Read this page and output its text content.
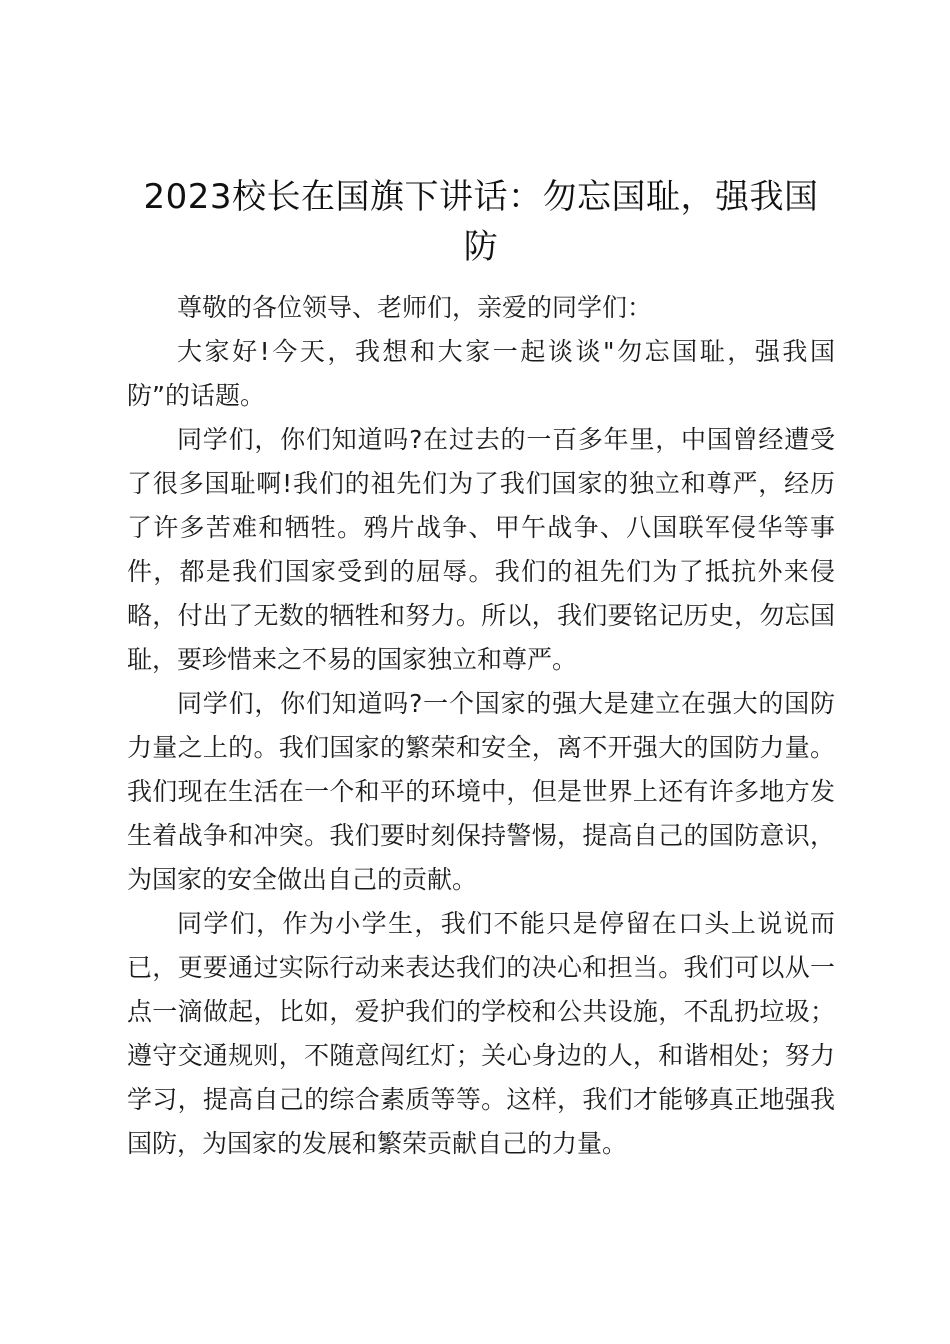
2023校长在国旗下讲话：勿忘国耻，强我国防

尊敬的各位领导、老师们，亲爱的同学们：

大家好!今天，我想和大家一起谈谈"勿忘国耻，强我国防”的话题。

同学们，你们知道吗?在过去的一百多年里，中国曾经遭受了很多国耻啊!我们的祖先们为了我们国家的独立和尊严，经历了许多苦难和牺牲。鸦片战争、甲午战争、八国联军侵华等事件，都是我们国家受到的屈辱。我们的祖先们为了抵抗外来侵略，付出了无数的牺牲和努力。所以，我们要铭记历史，勿忘国耻，要珍惜来之不易的国家独立和尊严。

同学们，你们知道吗?一个国家的强大是建立在强大的国防力量之上的。我们国家的繁荣和安全，离不开强大的国防力量。我们现在生活在一个和平的环境中，但是世界上还有许多地方发生着战争和冲突。我们要时刻保持警惕，提高自己的国防意识，为国家的安全做出自己的贡献。

同学们，作为小学生，我们不能只是停留在口头上说说而已，更要通过实际行动来表达我们的决心和担当。我们可以从一点一滴做起，比如，爱护我们的学校和公共设施，不乱扔垃圾；遵守交通规则，不随意闯红灯；关心身边的人，和谐相处；努力学习，提高自己的综合素质等等。这样，我们才能够真正地强我国防，为国家的发展和繁荣贡献自己的力量。
